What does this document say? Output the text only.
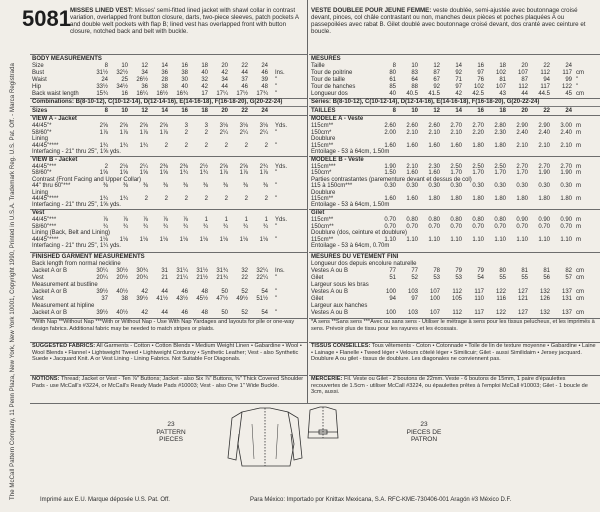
The McCall Pattern Company, 11 Penn Plaza, New York, New York 10001, Copyright 1990, Printed in U.S.A. Trademark Reg. U.S. Pat. Off. - Marca Registrada
5081 MISSES LINED VEST: Misses' semi-fitted lined jacket with shawl collar in contrast variation, overlapped front button closure, darts, two-piece sleeves, patch pockets A and double welt pockets with flap B; lined vest has overlapped front with button closure, notched back and belt with buckle.
BODY MEASUREMENTS
Size	8	10	12	14	16	18	20	22	24
Bust	31½	32½	34	36	38	40	42	44	46 Ins.
Waist	24	25	26½	28	30	32	34	37	39 "
Hip	33½	34½	36	38	40	42	44	46	48 "
Back waist length	15¾	16	16¼	16½	16¾	17	17¼	17½	17¾ "
Combinations: B(8-10-12), C(10-12-14), D(12-14-16), E(14-16-18), F(16-18-20), G(20-22-24)
Sizes	8	10	12	14	16	18	20	22	24
VIEW A - Jacket
44/45"*	2⅝	2⅝	2⅝	2⅝	3	3	3⅛	3⅛	3⅛ Yds.
58/60"*	1⅞	1⅞	1⅞	1⅞	2	2	2¼	2¼	2¼ "
Lining
44/45"****	1¾	1¾	1¾	2	2	2	2	2	2 "
Interfacing - 21" thru 25", 1⅝ yds.
VIEW B - Jacket
44/45"***	2	2⅛	2¼	2⅜	2⅜	2½	2⅝	2⅝	2¾ Yds.
58/60"*	1⅝	1⅝	1⅝	1⅝	1¾	1¾	1⅞	1⅞	1⅞ "
Contrast (Front Facing and Upper Collar)
44" thru 60"***	⅜	⅜	⅜	⅜	⅜	⅜	⅜	⅜	⅜ "
Lining
44/45"****	1¾	1¾	2	2	2	2	2	2	2 "
Interfacing - 21" thru 25", 1⅝ yds.
Vest
44/45"***	⅞	⅞	⅞	⅞	⅞	1	1	1	1 Yds.
58/60"***	¾	¾	¾	¾	¾	¾	¾	¾	¾ "
Lining (Back, Belt and Lining)
44/45"****	1⅛	1⅛	1⅛	1⅛	1⅛	1⅛	1⅛	1⅛	1⅛ "
Interfacing - 21" thru 25", 1¼ yds.
FINISHED GARMENT MEASUREMENTS
Back length from normal neckline
Jacket A or B	30¼	30½	30¾	31	31¼	31½	31¾	32	32¼ Ins.
Vest	20¼	20½	20¾	21	21¼	21½	21¾	22	22¼ "
Measurement at bustline
Jacket A or B	39½	40½	42	44	46	48	50	52	54 "
Vest	37	38	39½	41½	43½	45½	47½	49½	51½ "
Measurement at hipline
Jacket A or B	39½	40½	42	44	46	48	50	52	54 "
*With Nap **Without Nap ***With or Without Nap - Use With Nap Yardages and layouts for pile or one-way design fabrics. Additional fabric may be needed to match stripes or plaids.
SUGGESTED FABRICS: All Garments - Cotton • Cotton Blends • Medium Weight Linen • Gabardine • Wool • Wool Blends • Flannel • Lightweight Tweed • Lightweight Corduroy • Synthetic Leather; Vest - also Synthetic Suede • Jacquard Knit. A or Vest Lining - Lining Fabrics. Not Suitable For Diagonals.
NOTIONS: Thread; Jacket or Vest - Ten ⅞" Buttons; Jacket - also Six ⅞" Buttons, ⅝" Thick Covered Shoulder Pads - use McCall's #3224, or McCall's Ready Made Pads #10003; Vest - also One 1" Wide Buckle.
23
PATTERN PIECES
Imprimé aux E.U. Marque déposée U.S. Pat. Off.
VESTE DOUBLEE POUR JEUNE FEMME: veste doublée, semi-ajustée avec boutonnage croisé devant, pinces, col châle contrastant ou non, manches deux pièces et poches plaquées A ou passepoilées avec rabat B. Gilet doublé avec boutonnage croisé devant, dos cranté avec ceinture et boucle.
MESURES
Taille	8	10	12	14	16	18	20	22	24
Tour de poitrine	80	83	87	92	97	102	107	112	117 cm
Tour de taille	61	64	67	71	76	81	87	94	99 "
Tour de hanches	85	88	92	97	102	107	112	117	122 "
Longueur dos	40	40.5	41.5	42	42.5	43	44	44.5	45 cm
Séries: B(8-10-12), C(10-12-14), D(12-14-16), E(14-16-18), F(16-18-20), G(20-22-24)
TAILLES	8	10	12	14	16	18	20	22	24
MODELE A - Veste
115cm**	2.60	2.60	2.60	2.70	2.70	2.80	2.90	2.90	3.00 m
150cm*	2.00	2.10	2.10	2.10	2.20	2.30	2.40	2.40	2.40 m
Doublure
115cm**	1.60	1.60	1.60	1.60	1.80	1.80	2.10	2.10	2.10 m
Entoilage - 53 à 64cm, 1.50m
MODELE B - Veste
115cm***	1.90	2.10	2.30	2.50	2.50	2.50	2.70	2.70	2.70 m
150cm*	1.50	1.60	1.60	1.70	1.70	1.70	1.70	1.90	1.90 m
Parties contrastantes (parementure devant et dessus de col)
115 à 150cm***	0.30	0.30	0.30	0.30	0.30	0.30	0.30	0.30	0.30 m
Doublure
115cm**	1.60	1.60	1.80	1.80	1.80	1.80	1.80	1.80	1.80 m
Entoilage - 53 à 64cm, 1.50m
Gilet
115cm**	0.70	0.80	0.80	0.80	0.80	0.80	0.90	0.90	0.90 m
150cm**	0.70	0.70	0.70	0.70	0.70	0.70	0.70	0.70	0.70 m
Doublure (dos, ceinture et doublure)
115cm**	1.10	1.10	1.10	1.10	1.10	1.10	1.10	1.10	1.10 m
Entoilage - 53 à 64cm, 0.70m
MESURES DU VETEMENT FINI
Longueur dos depuis encolure naturelle
Vestes A ou B	77	77	78	79	79	80	81	81	82 cm
Gilet	51	52	53	53	54	55	55	56	57 cm
Largeur sous les bras
Vestes A ou B	100	103	107	112	117	122	127	132	137 cm
Gilet	94	97	100	105	110	116	121	126	131 cm
Largeur aux hanches
Vestes A ou B	100	103	107	112	117	122	127	132	137 cm
*A sens **Sans sens ***Avec ou sans sens - Utiliser le métrage à sens pour les tissus pelucheux, et les imprimés à sens. Prévoir plus de tissu pour les rayures et les écossais.
TISSUS CONSEILLES: Tous vêtements - Coton • Cotonnade • Toile de lin de texture moyenne • Gabardine • Laine • Lainage • Flanelle • Tweed léger • Velours côtelé léger • Similicuir; Gilet - aussi Similidaim • Jersey jacquard. Doublure A ou gilet - tissus de doublure. Les diagonales ne conviennent pas.
MERCERIE: Fil. Veste ou Gilet - 2 boutons de 22mm. Veste - 6 boutons de 15mm, 1 paire d'épaulettes recouvertes de 1.5cm - utiliser McCall #3224, ou épaulettes prêtes à l'emploi McCall #10003; Gilet - 1 boucle de 3cm, aussi.
23
PIECES DE PATRON
Para México: Importado por Knittax Mexicana, S.A. RFC-KME-730406-001 Aragón #3 México D.F.
